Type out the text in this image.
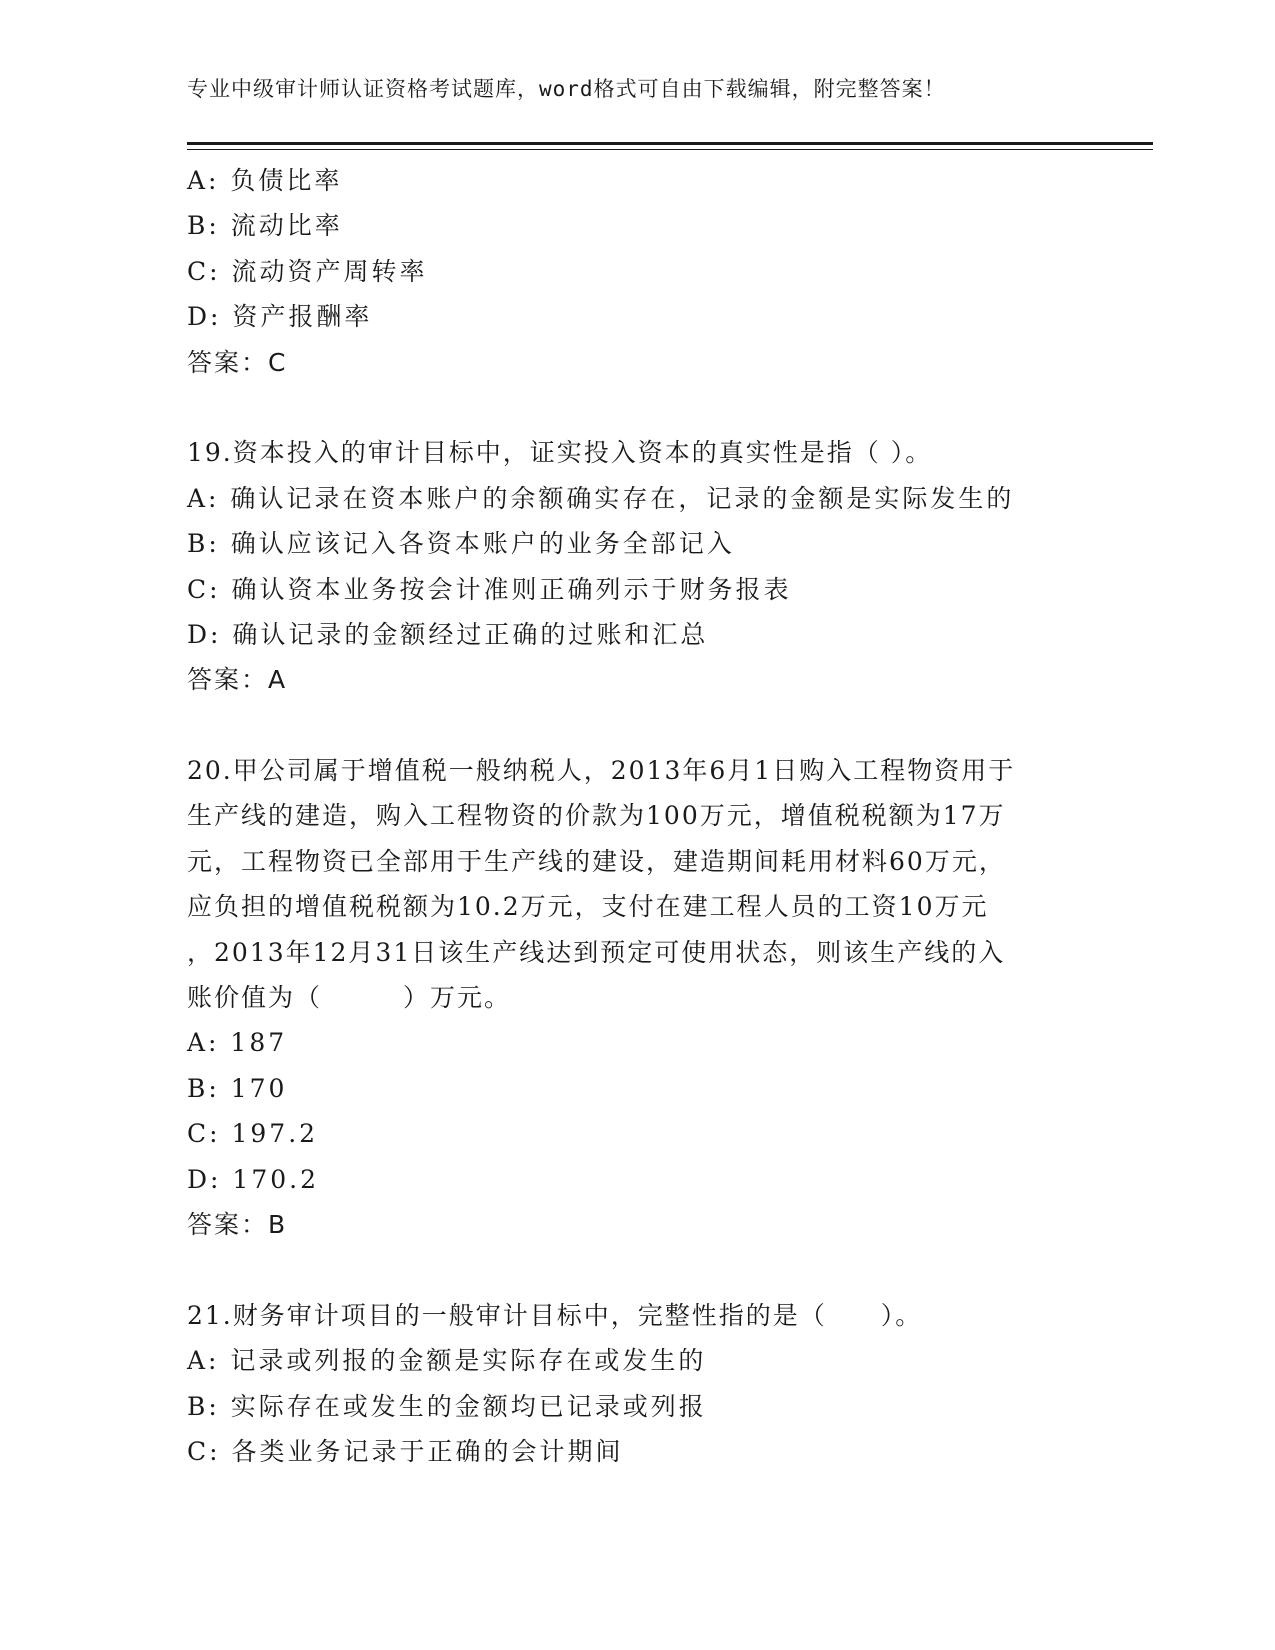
专业中级审计师认证资格考试题库，word格式可自由下载编辑，附完整答案！
A: 负债比率
B: 流动比率
C: 流动资产周转率
D: 资产报酬率
答案：C
19.资本投入的审计目标中，证实投入资本的真实性是指（ ）。
A: 确认记录在资本账户的余额确实存在，记录的金额是实际发生的
B: 确认应该记入各资本账户的业务全部记入
C: 确认资本业务按会计准则正确列示于财务报表
D: 确认记录的金额经过正确的过账和汇总
答案：A
20.甲公司属于增值税一般纳税人，2013年6月1日购入工程物资用于
生产线的建造，购入工程物资的价款为100万元，增值税税额为17万
元，工程物资已全部用于生产线的建设，建造期间耗用材料60万元，
应负担的增值税税额为10.2万元，支付在建工程人员的工资10万元
，2013年12月31日该生产线达到预定可使用状态，则该生产线的入
账价值为（　　　）万元。
A: 187
B: 170
C: 197.2
D: 170.2
答案：B
21.财务审计项目的一般审计目标中，完整性指的是（　　）。
A: 记录或列报的金额是实际存在或发生的
B: 实际存在或发生的金额均已记录或列报
C: 各类业务记录于正确的会计期间
